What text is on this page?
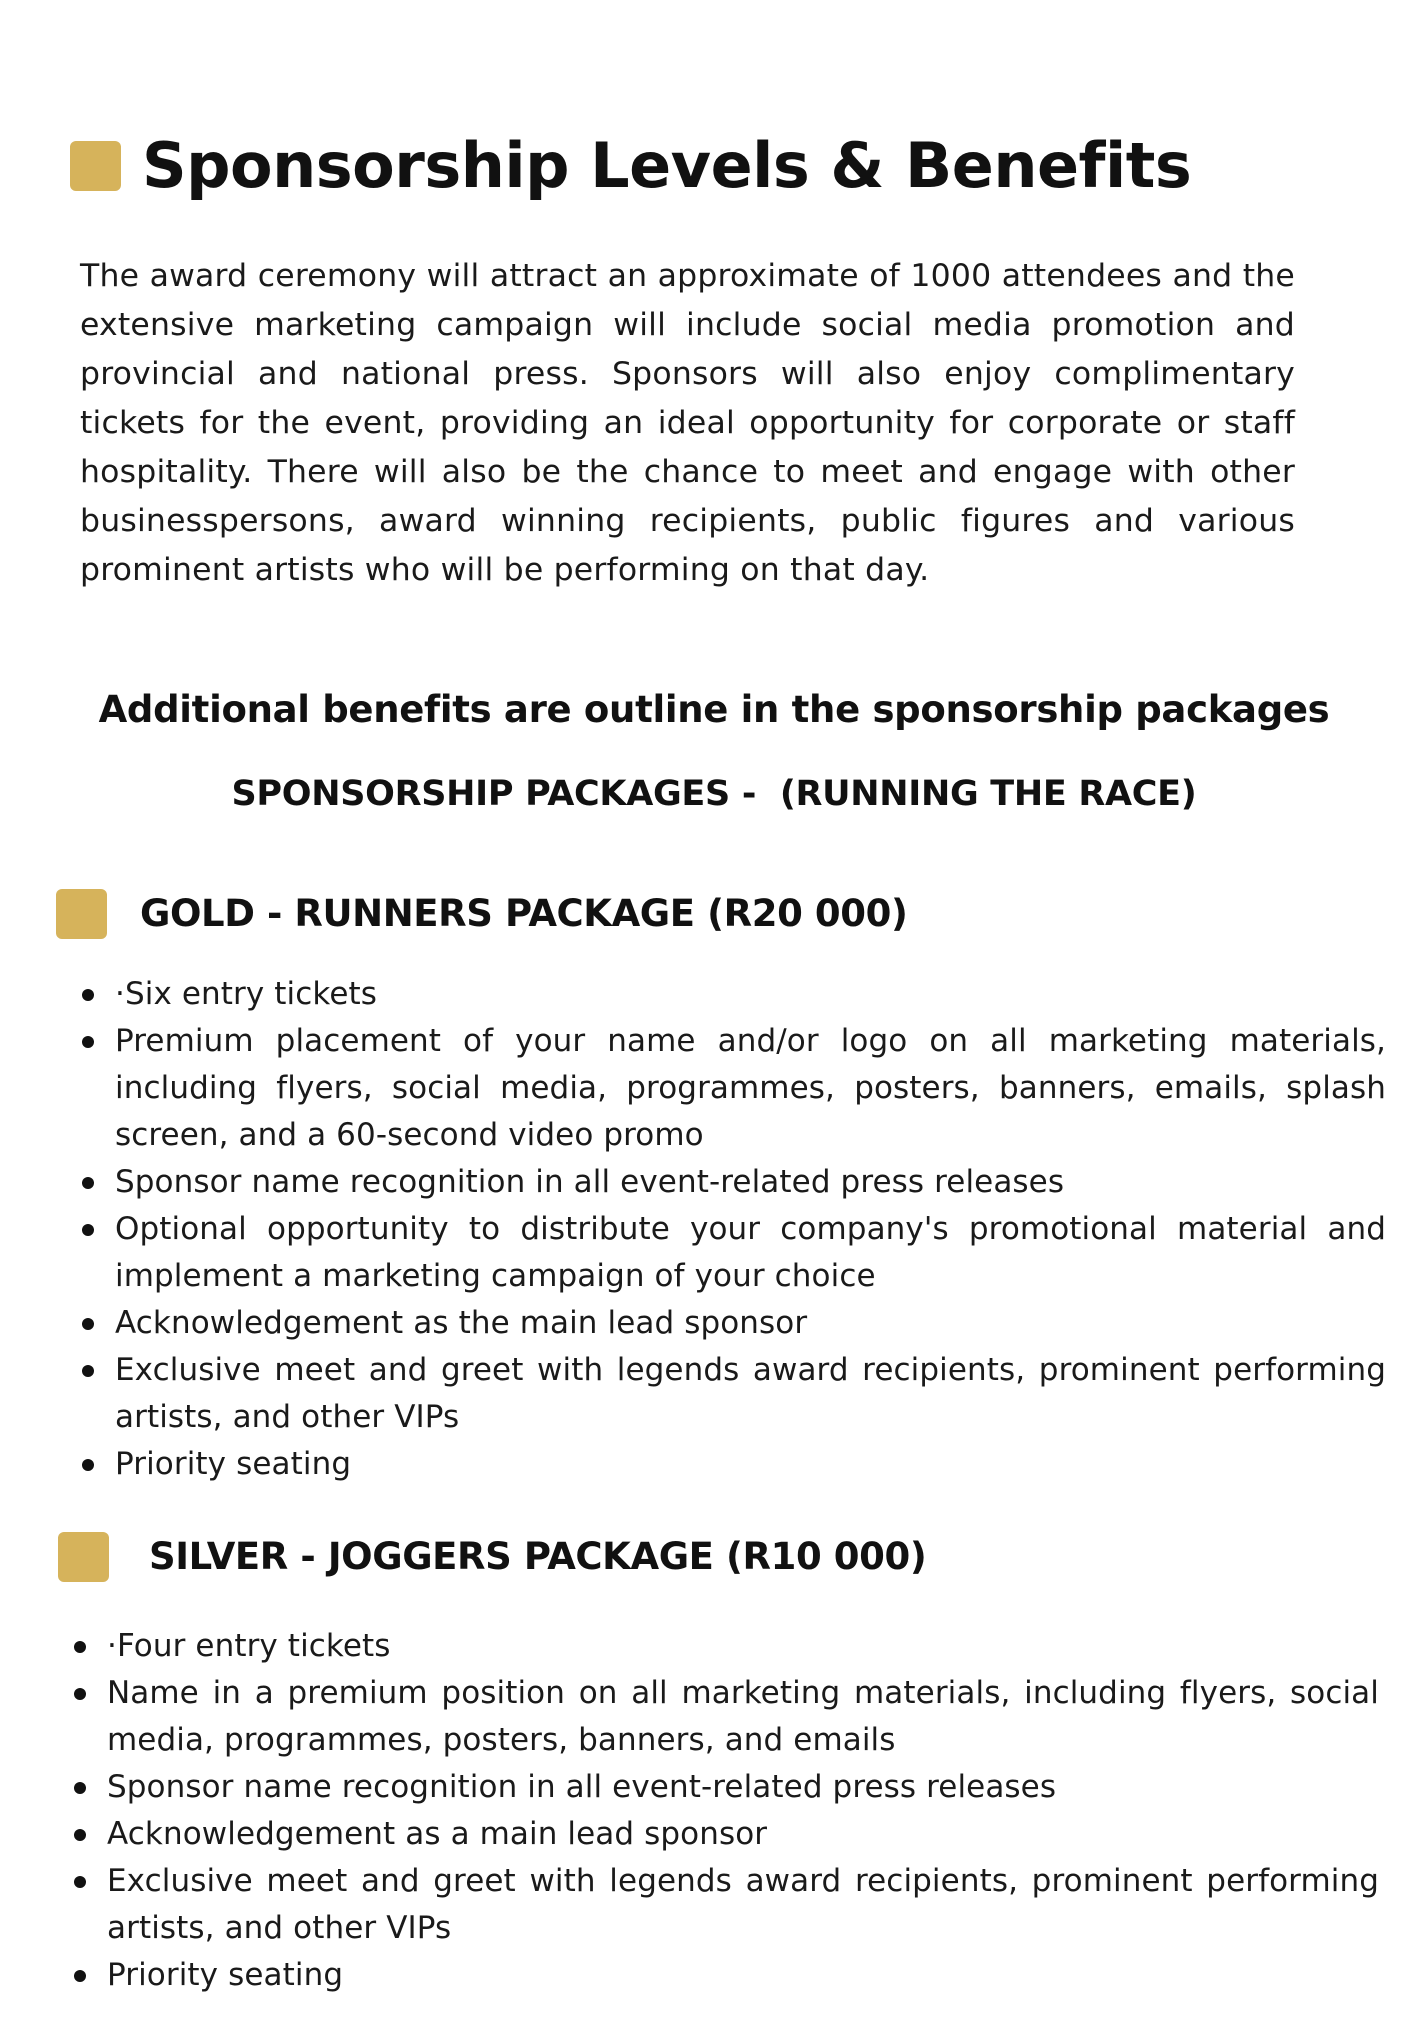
Sponsorship Levels & Benefits

The award ceremony will attract an approximate of 1000 attendees and the extensive marketing campaign will include social media promotion and provincial and national press. Sponsors will also enjoy complimentary tickets for the event, providing an ideal opportunity for corporate or staff hospitality. There will also be the chance to meet and engage with other businesspersons, award winning recipients, public figures and various prominent artists who will be performing on that day.

Additional benefits are outline in the sponsorship packages

SPONSORSHIP PACKAGES -  (RUNNING THE RACE)

GOLD - RUNNERS PACKAGE (R20 000)
·Six entry tickets
Premium placement of your name and/or logo on all marketing materials, including flyers, social media, programmes, posters, banners, emails, splash screen, and a 60-second video promo
Sponsor name recognition in all event-related press releases
Optional opportunity to distribute your company's promotional material and implement a marketing campaign of your choice
Acknowledgement as the main lead sponsor
Exclusive meet and greet with legends award recipients, prominent performing artists, and other VIPs
Priority seating
SILVER - JOGGERS PACKAGE (R10 000)
·Four entry tickets
Name in a premium position on all marketing materials, including flyers, social media, programmes, posters, banners, and emails
Sponsor name recognition in all event-related press releases
Acknowledgement as a main lead sponsor
Exclusive meet and greet with legends award recipients, prominent performing artists, and other VIPs
Priority seating
